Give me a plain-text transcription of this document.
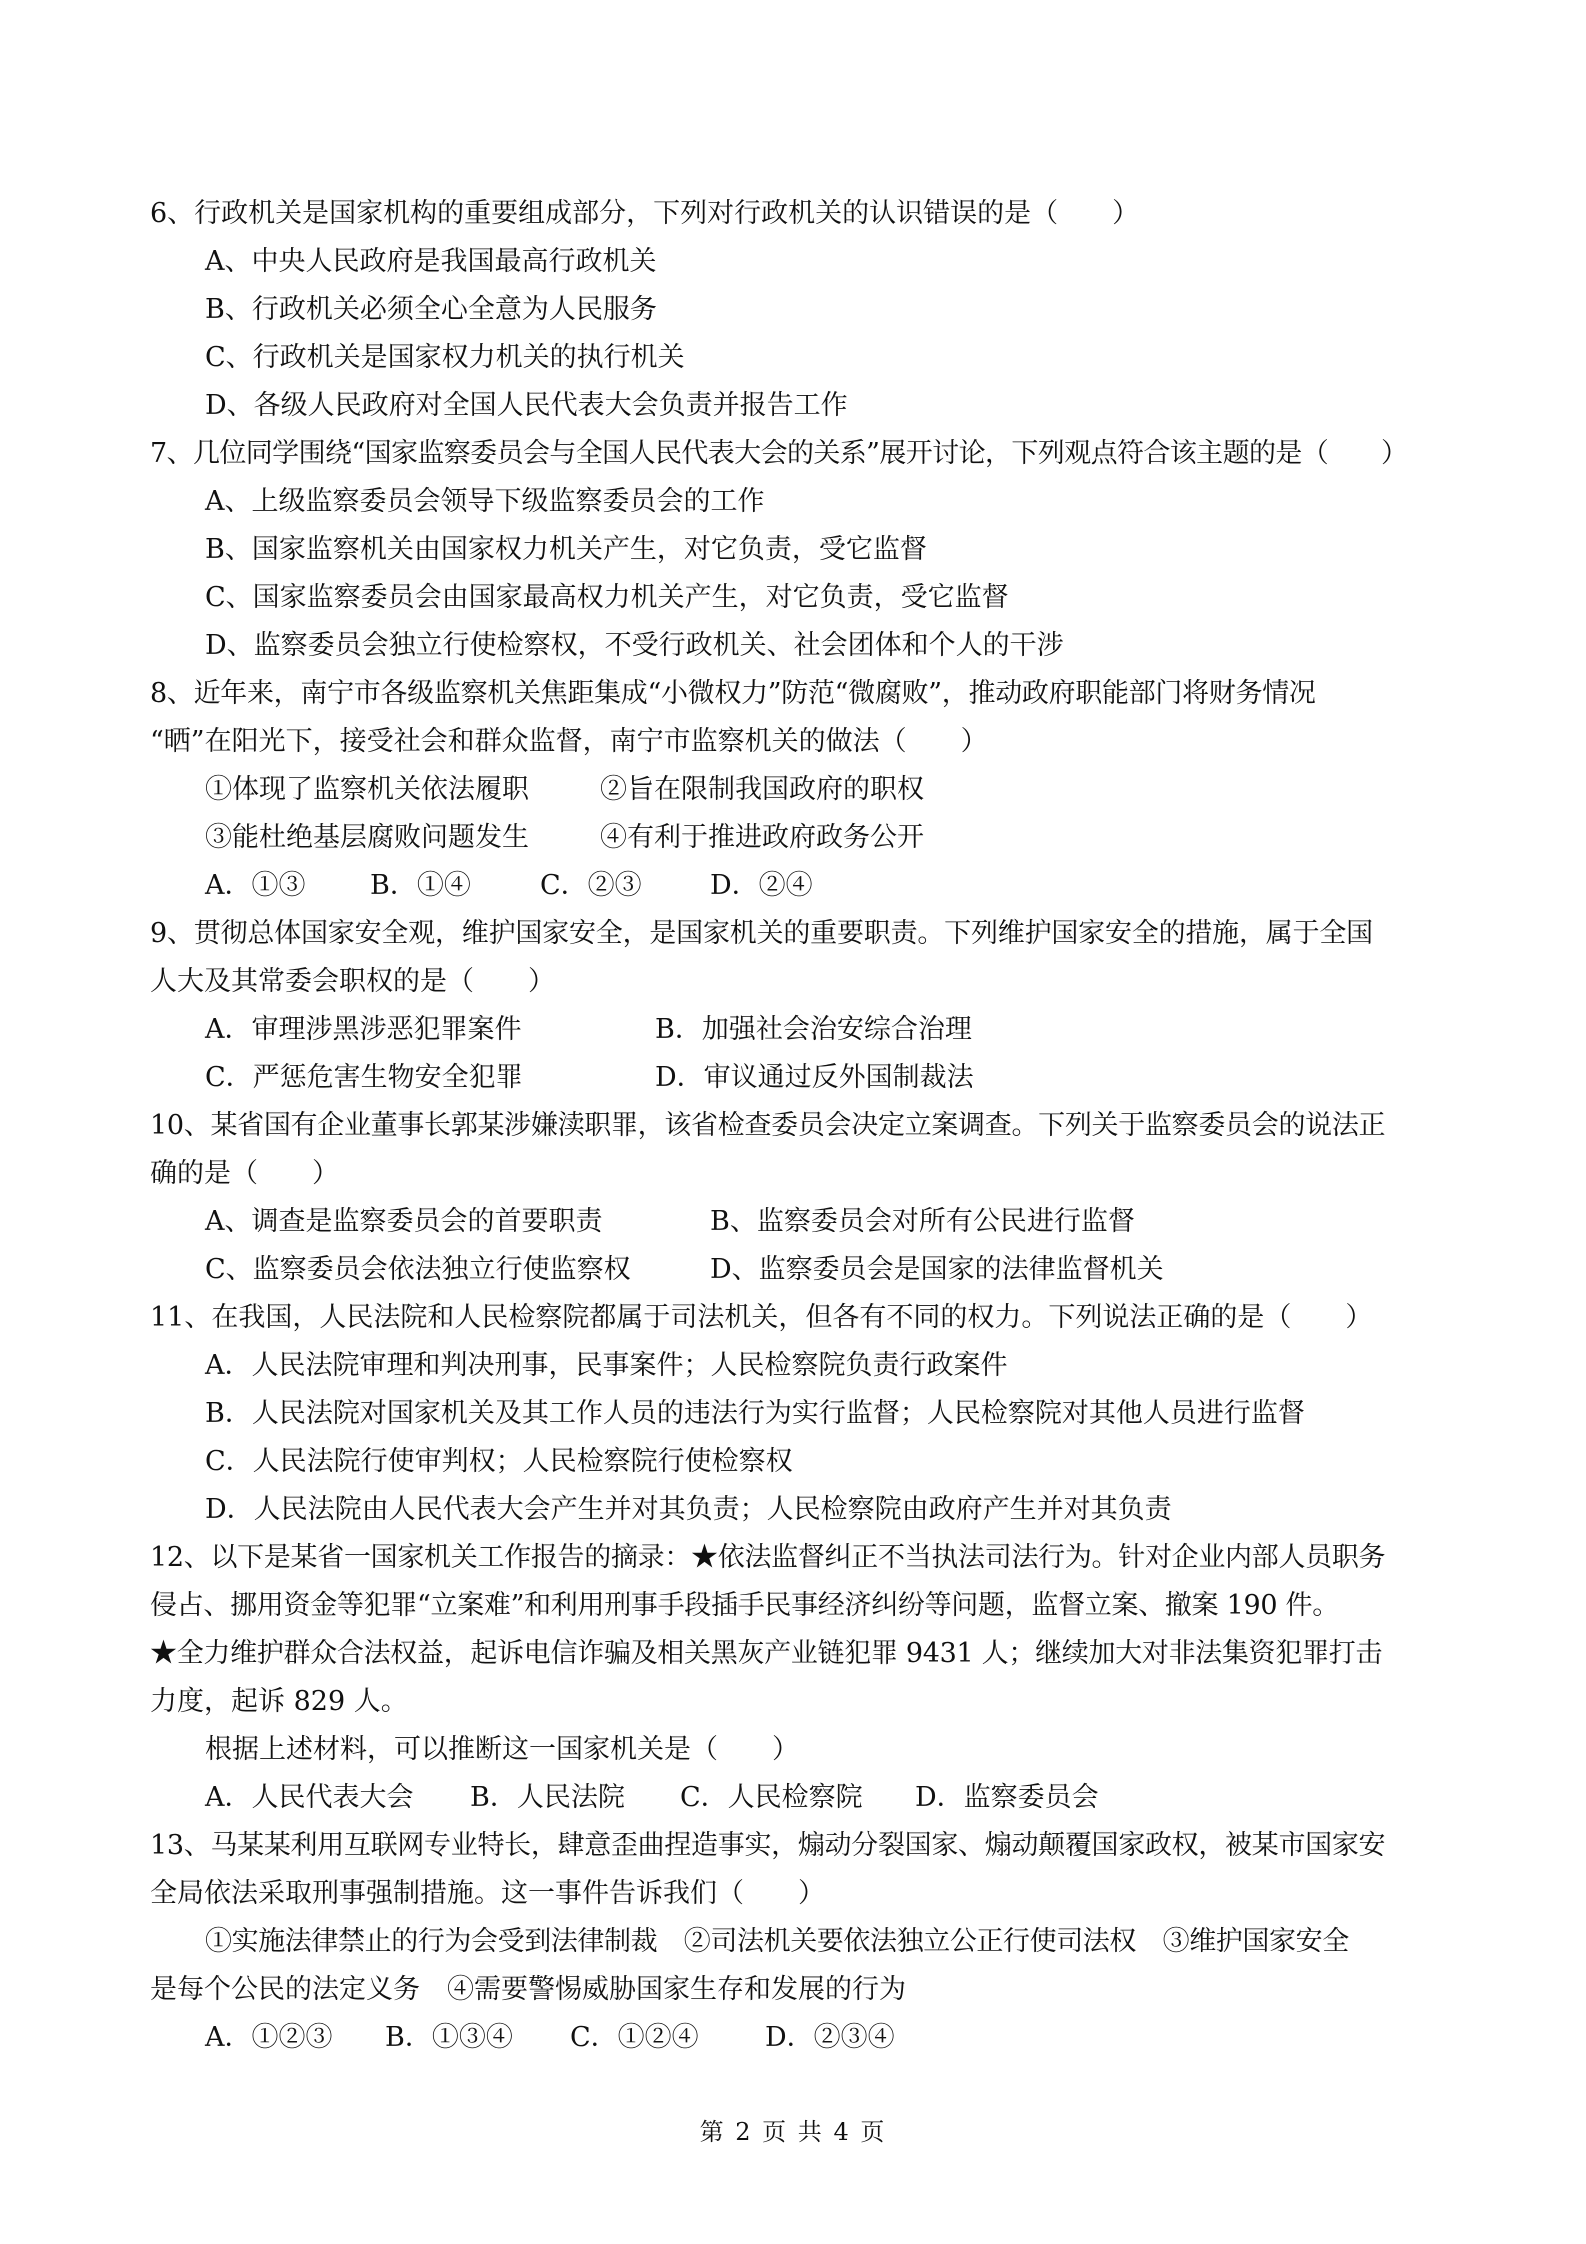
6、行政机关是国家机构的重要组成部分，下列对行政机关的认识错误的是（　　）
A、中央人民政府是我国最高行政机关
B、行政机关必须全心全意为人民服务
C、行政机关是国家权力机关的执行机关
D、各级人民政府对全国人民代表大会负责并报告工作
7、几位同学围绕“国家监察委员会与全国人民代表大会的关系”展开讨论，下列观点符合该主题的是（　　）
A、上级监察委员会领导下级监察委员会的工作
B、国家监察机关由国家权力机关产生，对它负责，受它监督
C、国家监察委员会由国家最高权力机关产生，对它负责，受它监督
D、监察委员会独立行使检察权，不受行政机关、社会团体和个人的干涉
8、近年来，南宁市各级监察机关焦距集成“小微权力”防范“微腐败”，推动政府职能部门将财务情况
“晒”在阳光下，接受社会和群众监督，南宁市监察机关的做法（　　）
①体现了监察机关依法履职	②旨在限制我国政府的职权
③能杜绝基层腐败问题发生	④有利于推进政府政务公开
A．①③ B．①④	C．②③	D．②④
9、贯彻总体国家安全观，维护国家安全，是国家机关的重要职责。下列维护国家安全的措施，属于全国
人大及其常委会职权的是（　　）
A．审理涉黑涉恶犯罪案件	B．加强社会治安综合治理
C．严惩危害生物安全犯罪	D．审议通过反外国制裁法
10、某省国有企业董事长郭某涉嫌渎职罪，该省检查委员会决定立案调查。下列关于监察委员会的说法正
确的是（　　）
A、调查是监察委员会的首要职责	B、监察委员会对所有公民进行监督
C、监察委员会依法独立行使监察权	D、监察委员会是国家的法律监督机关
11、在我国，人民法院和人民检察院都属于司法机关，但各有不同的权力。下列说法正确的是（　　）
A．人民法院审理和判决刑事，民事案件；人民检察院负责行政案件
B．人民法院对国家机关及其工作人员的违法行为实行监督；人民检察院对其他人员进行监督
C．人民法院行使审判权；人民检察院行使检察权
D．人民法院由人民代表大会产生并对其负责；人民检察院由政府产生并对其负责
12、以下是某省一国家机关工作报告的摘录：★依法监督纠正不当执法司法行为。针对企业内部人员职务
侵占、挪用资金等犯罪“立案难”和利用刑事手段插手民事经济纠纷等问题，监督立案、撤案 190 件。
★全力维护群众合法权益，起诉电信诈骗及相关黑灰产业链犯罪 9431 人；继续加大对非法集资犯罪打击
力度，起诉 829 人。
根据上述材料，可以推断这一国家机关是（　　）
A．人民代表大会 B．人民法院 C．人民检察院 D．监察委员会
13、马某某利用互联网专业特长，肆意歪曲捏造事实，煽动分裂国家、煽动颠覆国家政权，被某市国家安
全局依法采取刑事强制措施。这一事件告诉我们（　　）
①实施法律禁止的行为会受到法律制裁　②司法机关要依法独立公正行使司法权　③维护国家安全
是每个公民的法定义务　④需要警惕威胁国家生存和发展的行为
A．①②③ B．①③④ C．①②④ D．②③④
第 2 页 共 4 页
